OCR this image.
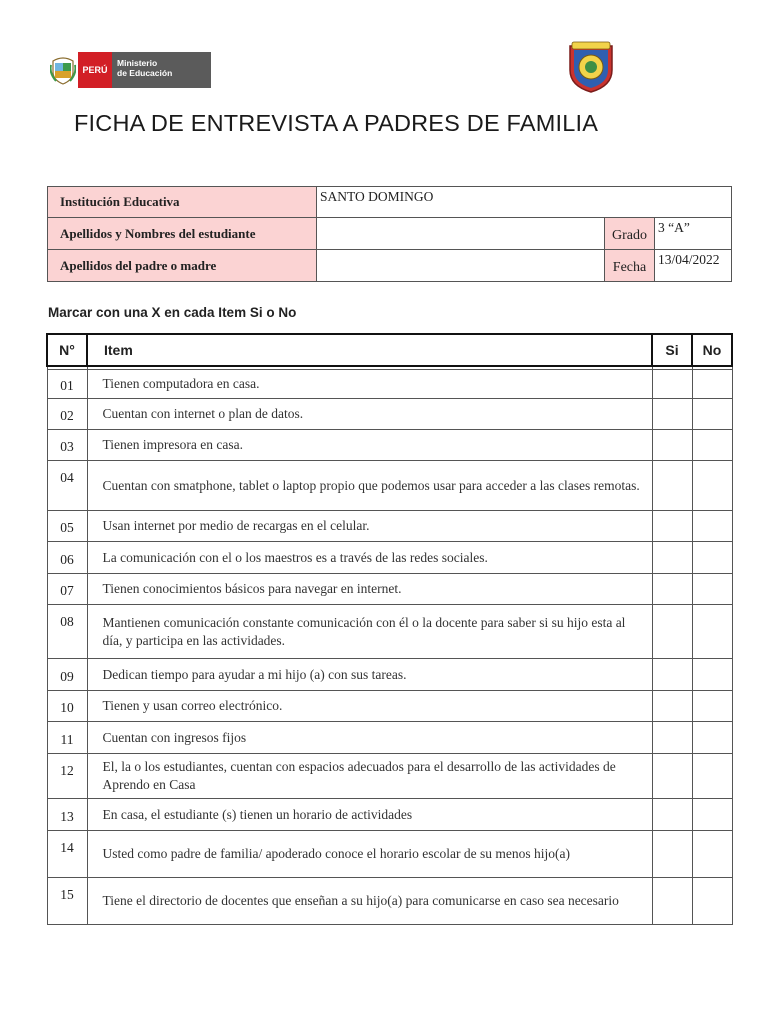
PERÚ
Ministerio
de Educación
FICHA DE ENTREVISTA A PADRES DE FAMILIA
Institución Educativa	SANTO DOMINGO		
Apellidos y Nombres del estudiante		Grado	3 “A”
Apellidos del padre o madre		Fecha	13/04/2022
Marcar con una X en cada Item Si o No
N°	Item	Si	No

01	Tienen computadora en casa.		
02	Cuentan con internet o plan de datos.		
03	Tienen impresora en casa.		
04	Cuentan con smatphone, tablet o laptop propio que podemos usar para acceder a las clases remotas.		
05	Usan internet por medio de recargas en el celular.		
06	La comunicación con el o los maestros es a través de las redes sociales.		
07	Tienen conocimientos básicos para navegar en internet.		
08	Mantienen comunicación constante comunicación con él o la docente para saber si su hijo esta al día, y participa en las actividades.		
09	Dedican tiempo para ayudar a mi hijo (a) con sus tareas.		
10	Tienen y usan correo electrónico.		
11	Cuentan con ingresos fijos		
12	El, la o los estudiantes, cuentan con espacios adecuados para el desarrollo de las actividades de Aprendo en Casa		
13	En casa, el estudiante (s) tienen un horario de actividades		
14	Usted como padre de familia/ apoderado conoce el horario escolar de su menos hijo(a)		
15	Tiene el directorio de docentes que enseñan a su hijo(a) para comunicarse en caso sea necesario		
